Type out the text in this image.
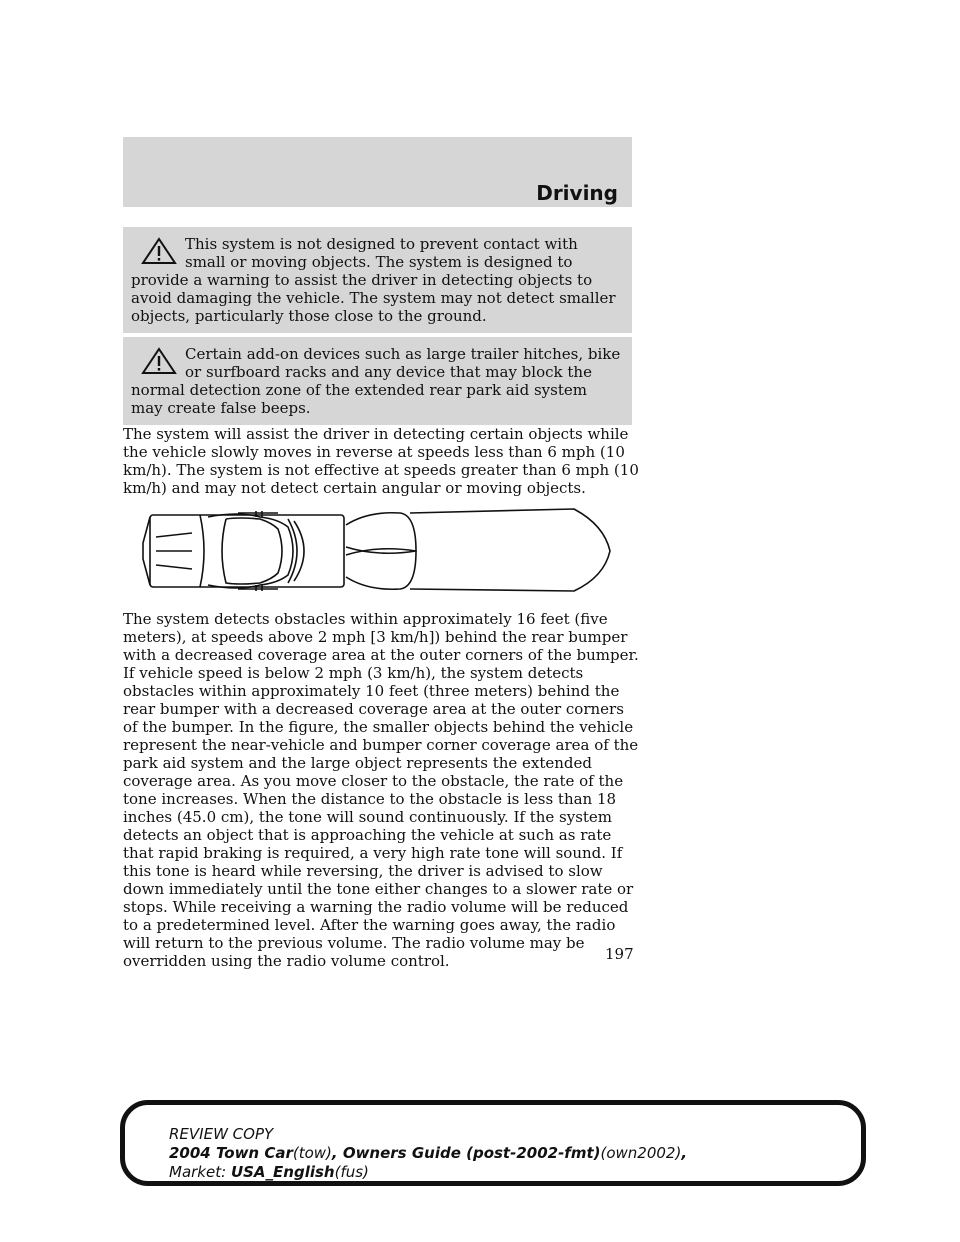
Driving
This system is not designed to prevent contact with small or moving objects. The system is designed to provide a warning to assist the driver in detecting objects to avoid damaging the vehicle. The system may not detect smaller objects, particularly those close to the ground.
Certain add-on devices such as large trailer hitches, bike or surfboard racks and any device that may block the normal detection zone of the extended rear park aid system may create false beeps.

The system will assist the driver in detecting certain objects while the vehicle slowly moves in reverse at speeds less than 6 mph (10 km/h). The system is not effective at speeds greater than 6 mph (10 km/h) and may not detect certain angular or moving objects.

The system detects obstacles within approximately 16 feet (five meters), at speeds above 2 mph [3 km/h]) behind the rear bumper with a decreased coverage area at the outer corners of the bumper. If vehicle speed is below 2 mph (3 km/h), the system detects obstacles within approximately 10 feet (three meters) behind the rear bumper with a decreased coverage area at the outer corners of the bumper. In the figure, the smaller objects behind the vehicle represent the near-vehicle and bumper corner coverage area of the park aid system and the large object represents the extended coverage area. As you move closer to the obstacle, the rate of the tone increases. When the distance to the obstacle is less than 18 inches (45.0 cm), the tone will sound continuously. If the system detects an object that is approaching the vehicle at such as rate that rapid braking is required, a very high rate tone will sound. If this tone is heard while reversing, the driver is advised to slow down immediately until the tone either changes to a slower rate or stops. While receiving a warning the radio volume will be reduced to a predetermined level. After the warning goes away, the radio will return to the previous volume. The radio volume may be overridden using the radio volume control.	197
REVIEW COPY
2004 Town Car(tow), Owners Guide (post-2002-fmt)(own2002),
Market: USA_English(fus)
